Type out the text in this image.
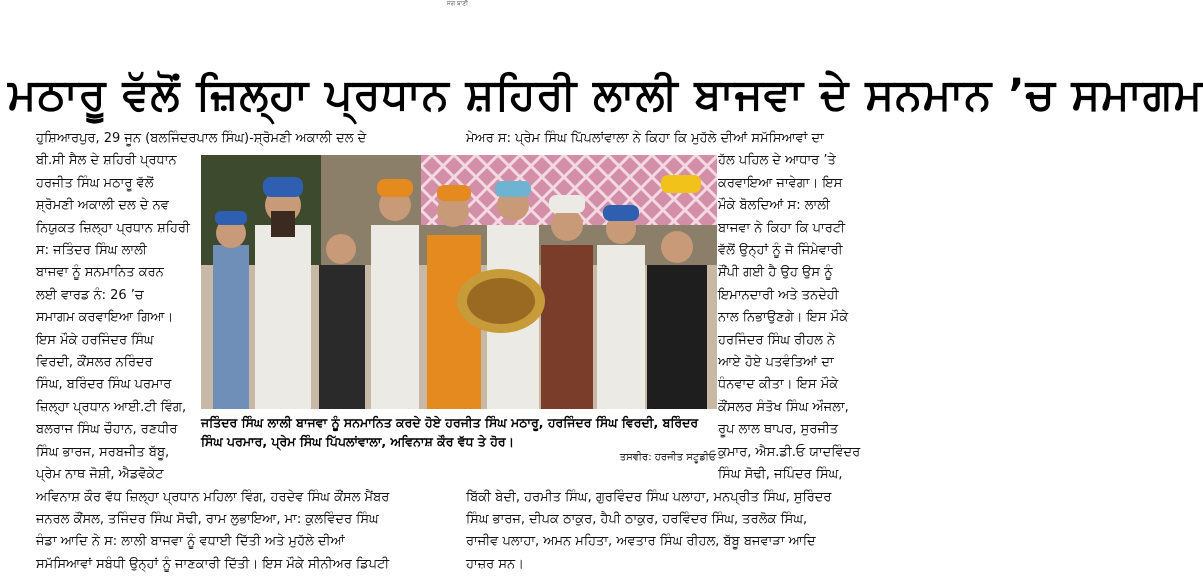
ਜਗ ਬਾਣੀ
ਮਠਾਰੂ ਵੱਲੋਂ ਜ਼ਿਲ੍ਹਾ ਪ੍ਰਧਾਨ ਸ਼ਹਿਰੀ ਲਾਲੀ ਬਾਜਵਾ ਦੇ ਸਨਮਾਨ ’ਚ ਸਮਾਗਮ
ਹੁਸ਼ਿਆਰਪੁਰ, 29 ਜੂਨ (ਬਲਜਿੰਦਰਪਾਲ ਸਿੰਘ)-ਸ਼੍ਰੋਮਣੀ ਅਕਾਲੀ ਦਲ ਦੇ
ਬੀ.ਸੀ ਸੈਲ ਦੇ ਸ਼ਹਿਰੀ ਪ੍ਰਧਾਨ
ਹਰਜੀਤ ਸਿੰਘ ਮਠਾਰੂ ਵੱਲੋਂ
ਸ਼੍ਰੋਮਣੀ ਅਕਾਲੀ ਦਲ ਦੇ ਨਵ
ਨਿਯੁਕਤ ਜ਼ਿਲ੍ਹਾ ਪ੍ਰਧਾਨ ਸ਼ਹਿਰੀ
ਸ: ਜਤਿੰਦਰ ਸਿੰਘ ਲਾਲੀ
ਬਾਜਵਾ ਨੂੰ ਸਨਮਾਨਿਤ ਕਰਨ
ਲਈ ਵਾਰਡ ਨੰ: 26 ’ਚ
ਸਮਾਗਮ ਕਰਵਾਇਆ ਗਿਆ।
ਇਸ ਮੌਕੇ ਹਰਜਿੰਦਰ ਸਿੰਘ
ਵਿਰਦੀ, ਕੌਂਸਲਰ ਨਰਿੰਦਰ
ਸਿੰਘ, ਬਰਿੰਦਰ ਸਿੰਘ ਪਰਮਾਰ
ਜ਼ਿਲ੍ਹਾ ਪ੍ਰਧਾਨ ਆਈ.ਟੀ ਵਿੰਗ,
ਬਲਰਾਜ ਸਿੰਘ ਚੌਹਾਨ, ਰਣਧੀਰ
ਸਿੰਘ ਭਾਰਜ, ਸਰਬਜੀਤ ਬੱਬੂ,
ਪ੍ਰੇਮ ਨਾਥ ਜੋਸ਼ੀ, ਐਡਵੋਕੇਟ
ਅਵਿਨਾਸ਼ ਕੌਰ ਵੱਧ ਜ਼ਿਲ੍ਹਾ ਪ੍ਰਧਾਨ ਮਹਿਲਾ ਵਿੰਗ, ਹਰਦੇਵ ਸਿੰਘ ਕੌਂਸਲ ਮੈਂਬਰ
ਜਨਰਲ ਕੌਂਸਲ, ਤਜਿੰਦਰ ਸਿੰਘ ਸੋਢੀ, ਰਾਮ ਲੁਭਾਇਆ, ਮਾ: ਕੁਲਵਿੰਦਰ ਸਿੰਘ
ਜੰਡਾ ਆਦਿ ਨੇ ਸ: ਲਾਲੀ ਬਾਜਵਾ ਨੂੰ ਵਧਾਈ ਦਿੱਤੀ ਅਤੇ ਮੁਹੱਲੇ ਦੀਆਂ
ਸਮੱਸਿਆਵਾਂ ਸਬੰਧੀ ਉਨ੍ਹਾਂ ਨੂੰ ਜਾਣਕਾਰੀ ਦਿੱਤੀ। ਇਸ ਮੌਕੇ ਸੀਨੀਅਰ ਡਿਪਟੀ
ਮੇਅਰ ਸ: ਪ੍ਰੇਮ ਸਿੰਘ ਪਿੱਪਲਾਂਵਾਲਾ ਨੇ ਕਿਹਾ ਕਿ ਮੁਹੱਲੇ ਦੀਆਂ ਸਮੱਸਿਆਵਾਂ ਦਾ
ਹੱਲ ਪਹਿਲ ਦੇ ਆਧਾਰ ’ਤੇ
ਕਰਵਾਇਆ ਜਾਵੇਗਾ। ਇਸ
ਮੌਕੇ ਬੋਲਦਿਆਂ ਸ: ਲਾਲੀ
ਬਾਜਵਾ ਨੇ ਕਿਹਾ ਕਿ ਪਾਰਟੀ
ਵੱਲੋਂ ਉਨ੍ਹਾਂ ਨੂੰ ਜੋ ਜਿੰਮੇਵਾਰੀ
ਸੌਂਪੀ ਗਈ ਹੈ ਉਹ ਉਸ ਨੂੰ
ਇਮਾਨਦਾਰੀ ਅਤੇ ਤਨਦੇਹੀ
ਨਾਲ ਨਿਭਾਉਣਗੇ। ਇਸ ਮੌਕੇ
ਹਰਜਿੰਦਰ ਸਿੰਘ ਰੀਹਲ ਨੇ
ਆਏ ਹੋਏ ਪਤਵੰਤਿਆਂ ਦਾ
ਧੰਨਵਾਦ ਕੀਤਾ। ਇਸ ਮੌਕੇ
ਕੌਂਸਲਰ ਸੰਤੋਖ ਸਿੰਘ ਔਜਲਾ,
ਰੂਪ ਲਾਲ ਥਾਪਰ, ਸੁਰਜੀਤ
ਕੁਮਾਰ, ਐਸ.ਡੀ.ਓ ਯਾਦਵਿੰਦਰ
ਸਿੰਘ ਸੋਢੀ, ਜਪਿੰਦਰ ਸਿੰਘ,
ਬਿੱਕੀ ਬੇਦੀ, ਹਰਮੀਤ ਸਿੰਘ, ਗੁਰਵਿੰਦਰ ਸਿੰਘ ਪਲਾਹਾ, ਮਨਪ੍ਰੀਤ ਸਿੰਘ, ਸੁਰਿੰਦਰ
ਸਿੰਘ ਭਾਰਜ, ਦੀਪਕ ਠਾਕੁਰ, ਹੈਪੀ ਠਾਕੁਰ, ਹਰਵਿੰਦਰ ਸਿੰਘ, ਤਰਲੋਕ ਸਿੰਘ,
ਰਾਜੀਵ ਪਲਾਹਾ, ਅਮਨ ਮਹਿਤਾ, ਅਵਤਾਰ ਸਿੰਘ ਰੀਹਲ, ਬੱਬੂ ਬਜਵਾੜਾ ਆਦਿ
ਹਾਜ਼ਰ ਸਨ।
ਜਤਿੰਦਰ ਸਿੰਘ ਲਾਲੀ ਬਾਜਵਾ ਨੂੰ ਸਨਮਾਨਿਤ ਕਰਦੇ ਹੋਏ ਹਰਜੀਤ ਸਿੰਘ ਮਠਾਰੂ, ਹਰਜਿੰਦਰ ਸਿੰਘ ਵਿਰਦੀ, ਬਰਿੰਦਰ ਸਿੰਘ ਪਰਮਾਰ, ਪ੍ਰੇਮ ਸਿੰਘ ਪਿੱਪਲਾਂਵਾਲਾ, ਅਵਿਨਾਸ਼ ਕੌਰ ਵੱਧ ਤੇ ਹੋਰ।
ਤਸਵੀਰ: ਹਰਜੀਤ ਸਟੂਡੀਓ
